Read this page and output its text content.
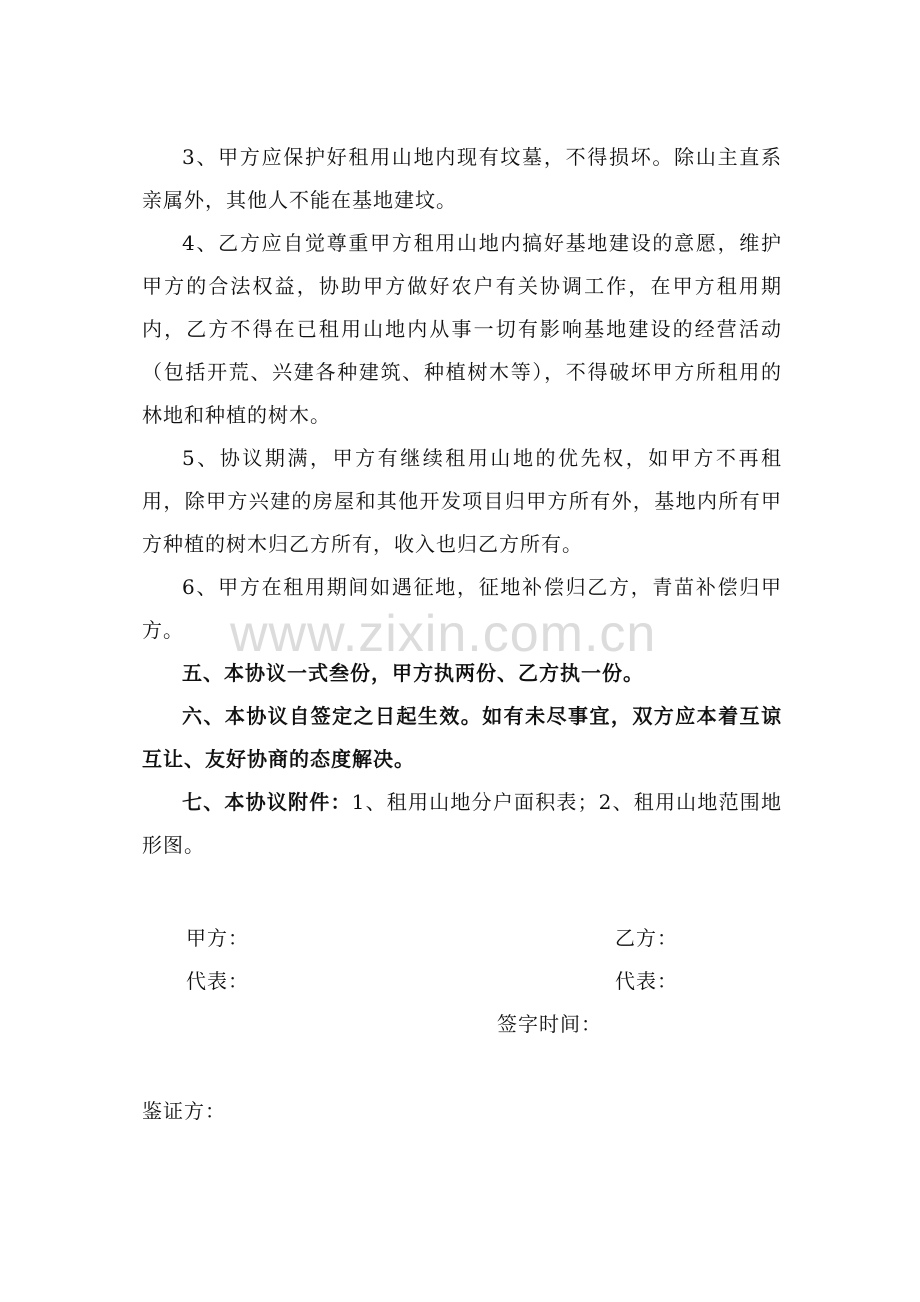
www.zixin.com.cn
3、甲方应保护好租用山地内现有坟墓，不得损坏。除山主直系亲属外，其他人不能在基地建坟。
4、乙方应自觉尊重甲方租用山地内搞好基地建设的意愿，维护甲方的合法权益，协助甲方做好农户有关协调工作，在甲方租用期内，乙方不得在已租用山地内从事一切有影响基地建设的经营活动（包括开荒、兴建各种建筑、种植树木等），不得破坏甲方所租用的林地和种植的树木。
5、协议期满，甲方有继续租用山地的优先权，如甲方不再租用，除甲方兴建的房屋和其他开发项目归甲方所有外，基地内所有甲方种植的树木归乙方所有，收入也归乙方所有。
6、甲方在租用期间如遇征地，征地补偿归乙方，青苗补偿归甲方。
五、本协议一式叁份，甲方执两份、乙方执一份。
六、本协议自签定之日起生效。如有未尽事宜，双方应本着互谅互让、友好协商的态度解决。
七、本协议附件：1、租用山地分户面积表；2、租用山地范围地形图。
甲方：	乙方：
代表：	代表：
签字时间：
鉴证方：
